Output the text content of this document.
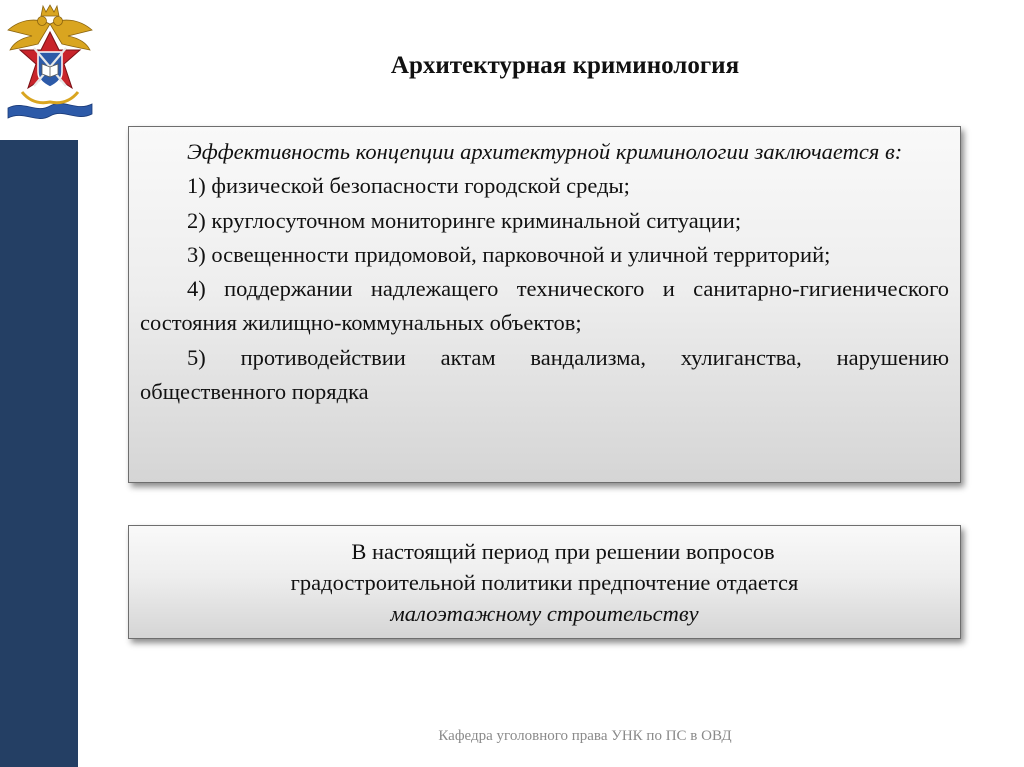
Архитектурная криминология

Эффективность концепции архитектурной криминологии заключается в:

1) физической безопасности городской среды;

2) круглосуточном мониторинге криминальной ситуации;

3) освещенности придомовой, парковочной и уличной территорий;

4) поддержании надлежащего технического и санитарно-гигиенического состояния жилищно-коммунальных объектов;

5) противодействии актам вандализма, хулиганства, нарушению общественного порядка

В настоящий период при решении вопросов

градостроительной политики предпочтение отдается

малоэтажному строительству

Кафедра уголовного права УНК по ПС в ОВД
